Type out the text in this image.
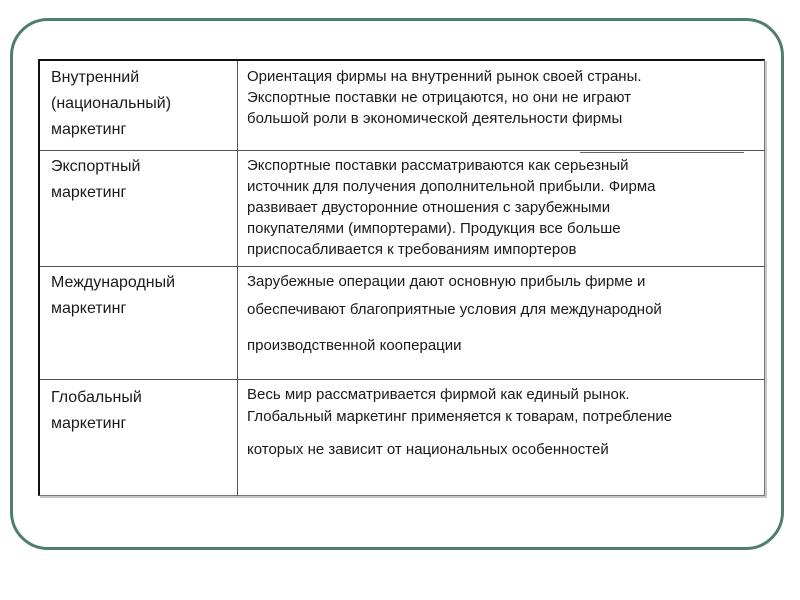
Внутренний
(национальный)
маркетинг
Ориентация фирмы на внутренний рынок своей страны.
Экспортные поставки не отрицаются, но они не играют
большой роли в экономической деятельности фирмы
Экспортный
маркетинг
Экспортные поставки рассматриваются как серьезный
источник для получения дополнительной прибыли. Фирма
развивает двусторонние отношения с зарубежными
покупателями (импортерами). Продукция все больше
приспосабливается к требованиям импортеров
Международный
маркетинг
Зарубежные операции дают основную прибыль фирме и
обеспечивают благоприятные условия для международной
производственной кооперации
Глобальный
маркетинг
Весь мир рассматривается фирмой как единый рынок.
Глобальный маркетинг применяется к товарам, потребление
которых не зависит от национальных особенностей
